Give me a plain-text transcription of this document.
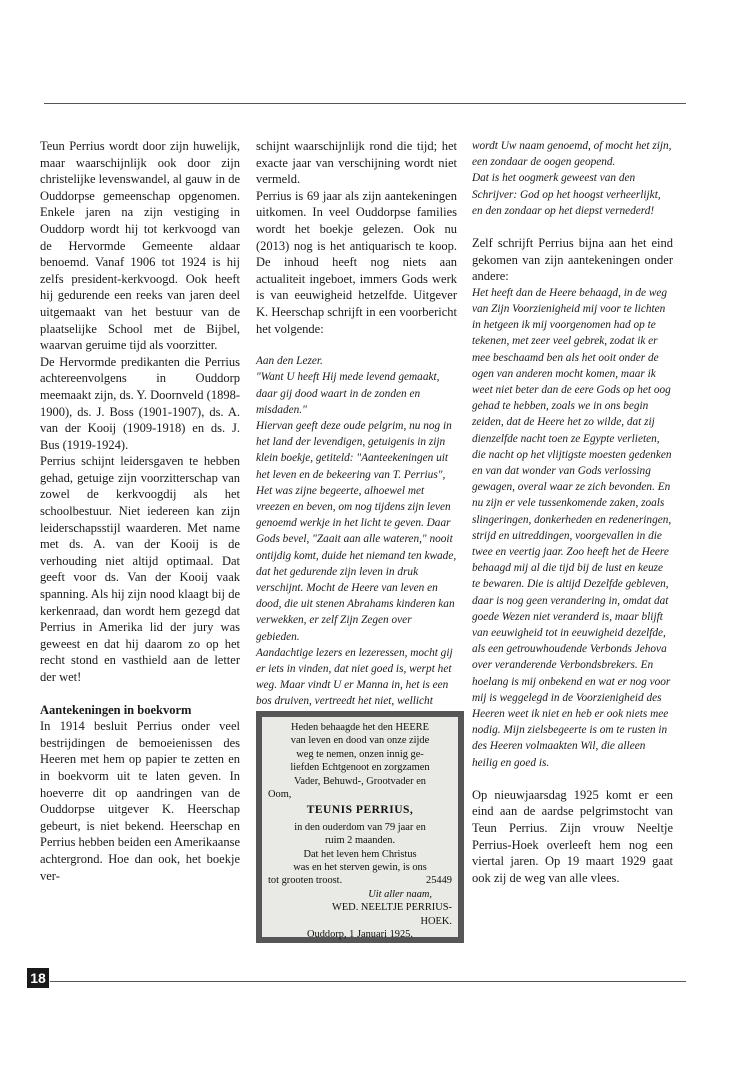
Teun Perrius wordt door zijn huwelijk, maar waarschijnlijk ook door zijn christelijke levenswandel, al gauw in de Ouddorpse gemeenschap opgenomen. Enkele jaren na zijn vestiging in Ouddorp wordt hij tot kerkvoogd van de Hervormde Gemeente aldaar benoemd. Vanaf 1906 tot 1924 is hij zelfs president-kerkvoogd. Ook heeft hij gedurende een reeks van jaren deel uitgemaakt van het bestuur van de plaatselijke School met de Bijbel, waarvan geruime tijd als voorzitter.

De Hervormde predikanten die Perrius achtereenvolgens in Ouddorp meemaakt zijn, ds. Y. Doornveld (1898-1900), ds. J. Boss (1901-1907), ds. A. van der Kooij (1909-1918) en ds. J. Bus (1919-1924).

Perrius schijnt leidersgaven te hebben gehad, getuige zijn voorzitterschap van zowel de kerkvoogdij als het schoolbestuur. Niet iedereen kan zijn leiderschapsstijl waarderen. Met name met ds. A. van der Kooij is de verhouding niet altijd optimaal. Dat geeft voor ds. Van der Kooij vaak spanning. Als hij zijn nood klaagt bij de kerkenraad, dan wordt hem gezegd dat Perrius in Amerika lid der jury was geweest en dat hij daarom zo op het recht stond en vasthield aan de letter der wet!

Aantekeningen in boekvorm

In 1914 besluit Perrius onder veel bestrijdingen de bemoeienissen des Heeren met hem op papier te zetten en in boekvorm uit te laten geven. In hoeverre dit op aandringen van de Ouddorpse uitgever K. Heerschap gebeurt, is niet bekend. Heerschap en Perrius hebben beiden een Amerikaanse achtergrond. Hoe dan ook, het boekje ver-

schijnt waarschijnlijk rond die tijd; het exacte jaar van verschijning wordt niet vermeld.

Perrius is 69 jaar als zijn aantekeningen uitkomen. In veel Ouddorpse families wordt het boekje gelezen. Ook nu (2013) nog is het antiquarisch te koop. De inhoud heeft nog niets aan actualiteit ingeboet, immers Gods werk is van eeuwigheid hetzelfde. Uitgever K. Heerschap schrijft in een voorbericht het volgende:

Aan den Lezer.

"Want U heeft Hij mede levend gemaakt, daar gij dood waart in de zonden en misdaden."

Hiervan geeft deze oude pelgrim, nu nog in het land der levendigen, getuigenis in zijn klein boekje, getiteld: "Aanteekeningen uit het leven en de bekeering van T. Perrius", Het was zijne begeerte, alhoewel met vreezen en beven, om nog tijdens zijn leven genoemd werkje in het licht te geven. Daar Gods bevel, "Zaait aan alle wateren," nooit ontijdig komt, duide het niemand ten kwade, dat het gedurende zijn leven in druk verschijnt. Mocht de Heere van leven en dood, die uit stenen Abrahams kinderen kan verwekken, er zelf Zijn Zegen over gebieden.

Aandachtige lezers en lezeressen, mocht gij er iets in vinden, dat niet goed is, werpt het weg. Maar vindt U er Manna in, het is een bos druiven, vertreedt het niet, wellicht

Heden behaagde het den HEERE
van leven en dood van onze zijde
weg te nemen, onzen innig ge-
liefden Echtgenoot en zorgzamen
Vader, Behuwd-, Grootvader en
Oom,
TEUNIS PERRIUS,
in den ouderdom van 79 jaar en
ruim 2 maanden.
Dat het leven hem Christus
was en het sterven gewin, is ons
tot grooten troost.	25449
Uit aller naam,
WED. NEELTJE PERRIUS-
HOEK.
Ouddorp, 1 Januari 1925.

wordt Uw naam genoemd, of mocht het zijn, een zondaar de oogen geopend.

Dat is het oogmerk geweest van den Schrijver: God op het hoogst verheerlijkt, en den zondaar op het diepst vernederd!

Zelf schrijft Perrius bijna aan het eind gekomen van zijn aantekeningen onder andere:

Het heeft dan de Heere behaagd, in de weg van Zijn Voorzienigheid mij voor te lichten in hetgeen ik mij voorgenomen had op te tekenen, met zeer veel gebrek, zodat ik er mee beschaamd ben als het ooit onder de ogen van anderen mocht komen, maar ik weet niet beter dan de eere Gods op het oog gehad te hebben, zoals we in ons begin zeiden, dat de Heere het zo wilde, dat zij dienzelfde nacht toen ze Egypte verlieten, die nacht op het vlijtigste moesten gedenken en van dat wonder van Gods verlossing gewagen, overal waar ze zich bevonden. En nu zijn er vele tussenkomende zaken, zoals slingeringen, donkerheden en redeneringen, strijd en uitreddingen, voorgevallen in die twee en veertig jaar. Zoo heeft het de Heere behaagd mij al die tijd bij de lust en keuze te bewaren. Die is altijd Dezelfde gebleven, daar is nog geen verandering in, omdat dat goede Wezen niet veranderd is, maar blijft van eeuwigheid tot in eeuwigheid dezelfde, als een getrouwhoudende Verbonds Jehova over veranderende Verbondsbrekers. En hoelang is mij onbekend en wat er nog voor mij is weggelegd in de Voorzienigheid des Heeren weet ik niet en heb er ook niets mee nodig. Mijn zielsbegeerte is om te rusten in des Heeren volmaakten Wil, die alleen heilig en goed is.

Op nieuwjaarsdag 1925 komt er een eind aan de aardse pelgrimstocht van Teun Perrius. Zijn vrouw Neeltje Perrius-Hoek overleeft hem nog een viertal jaren. Op 19 maart 1929 gaat ook zij de weg van alle vlees.

18
